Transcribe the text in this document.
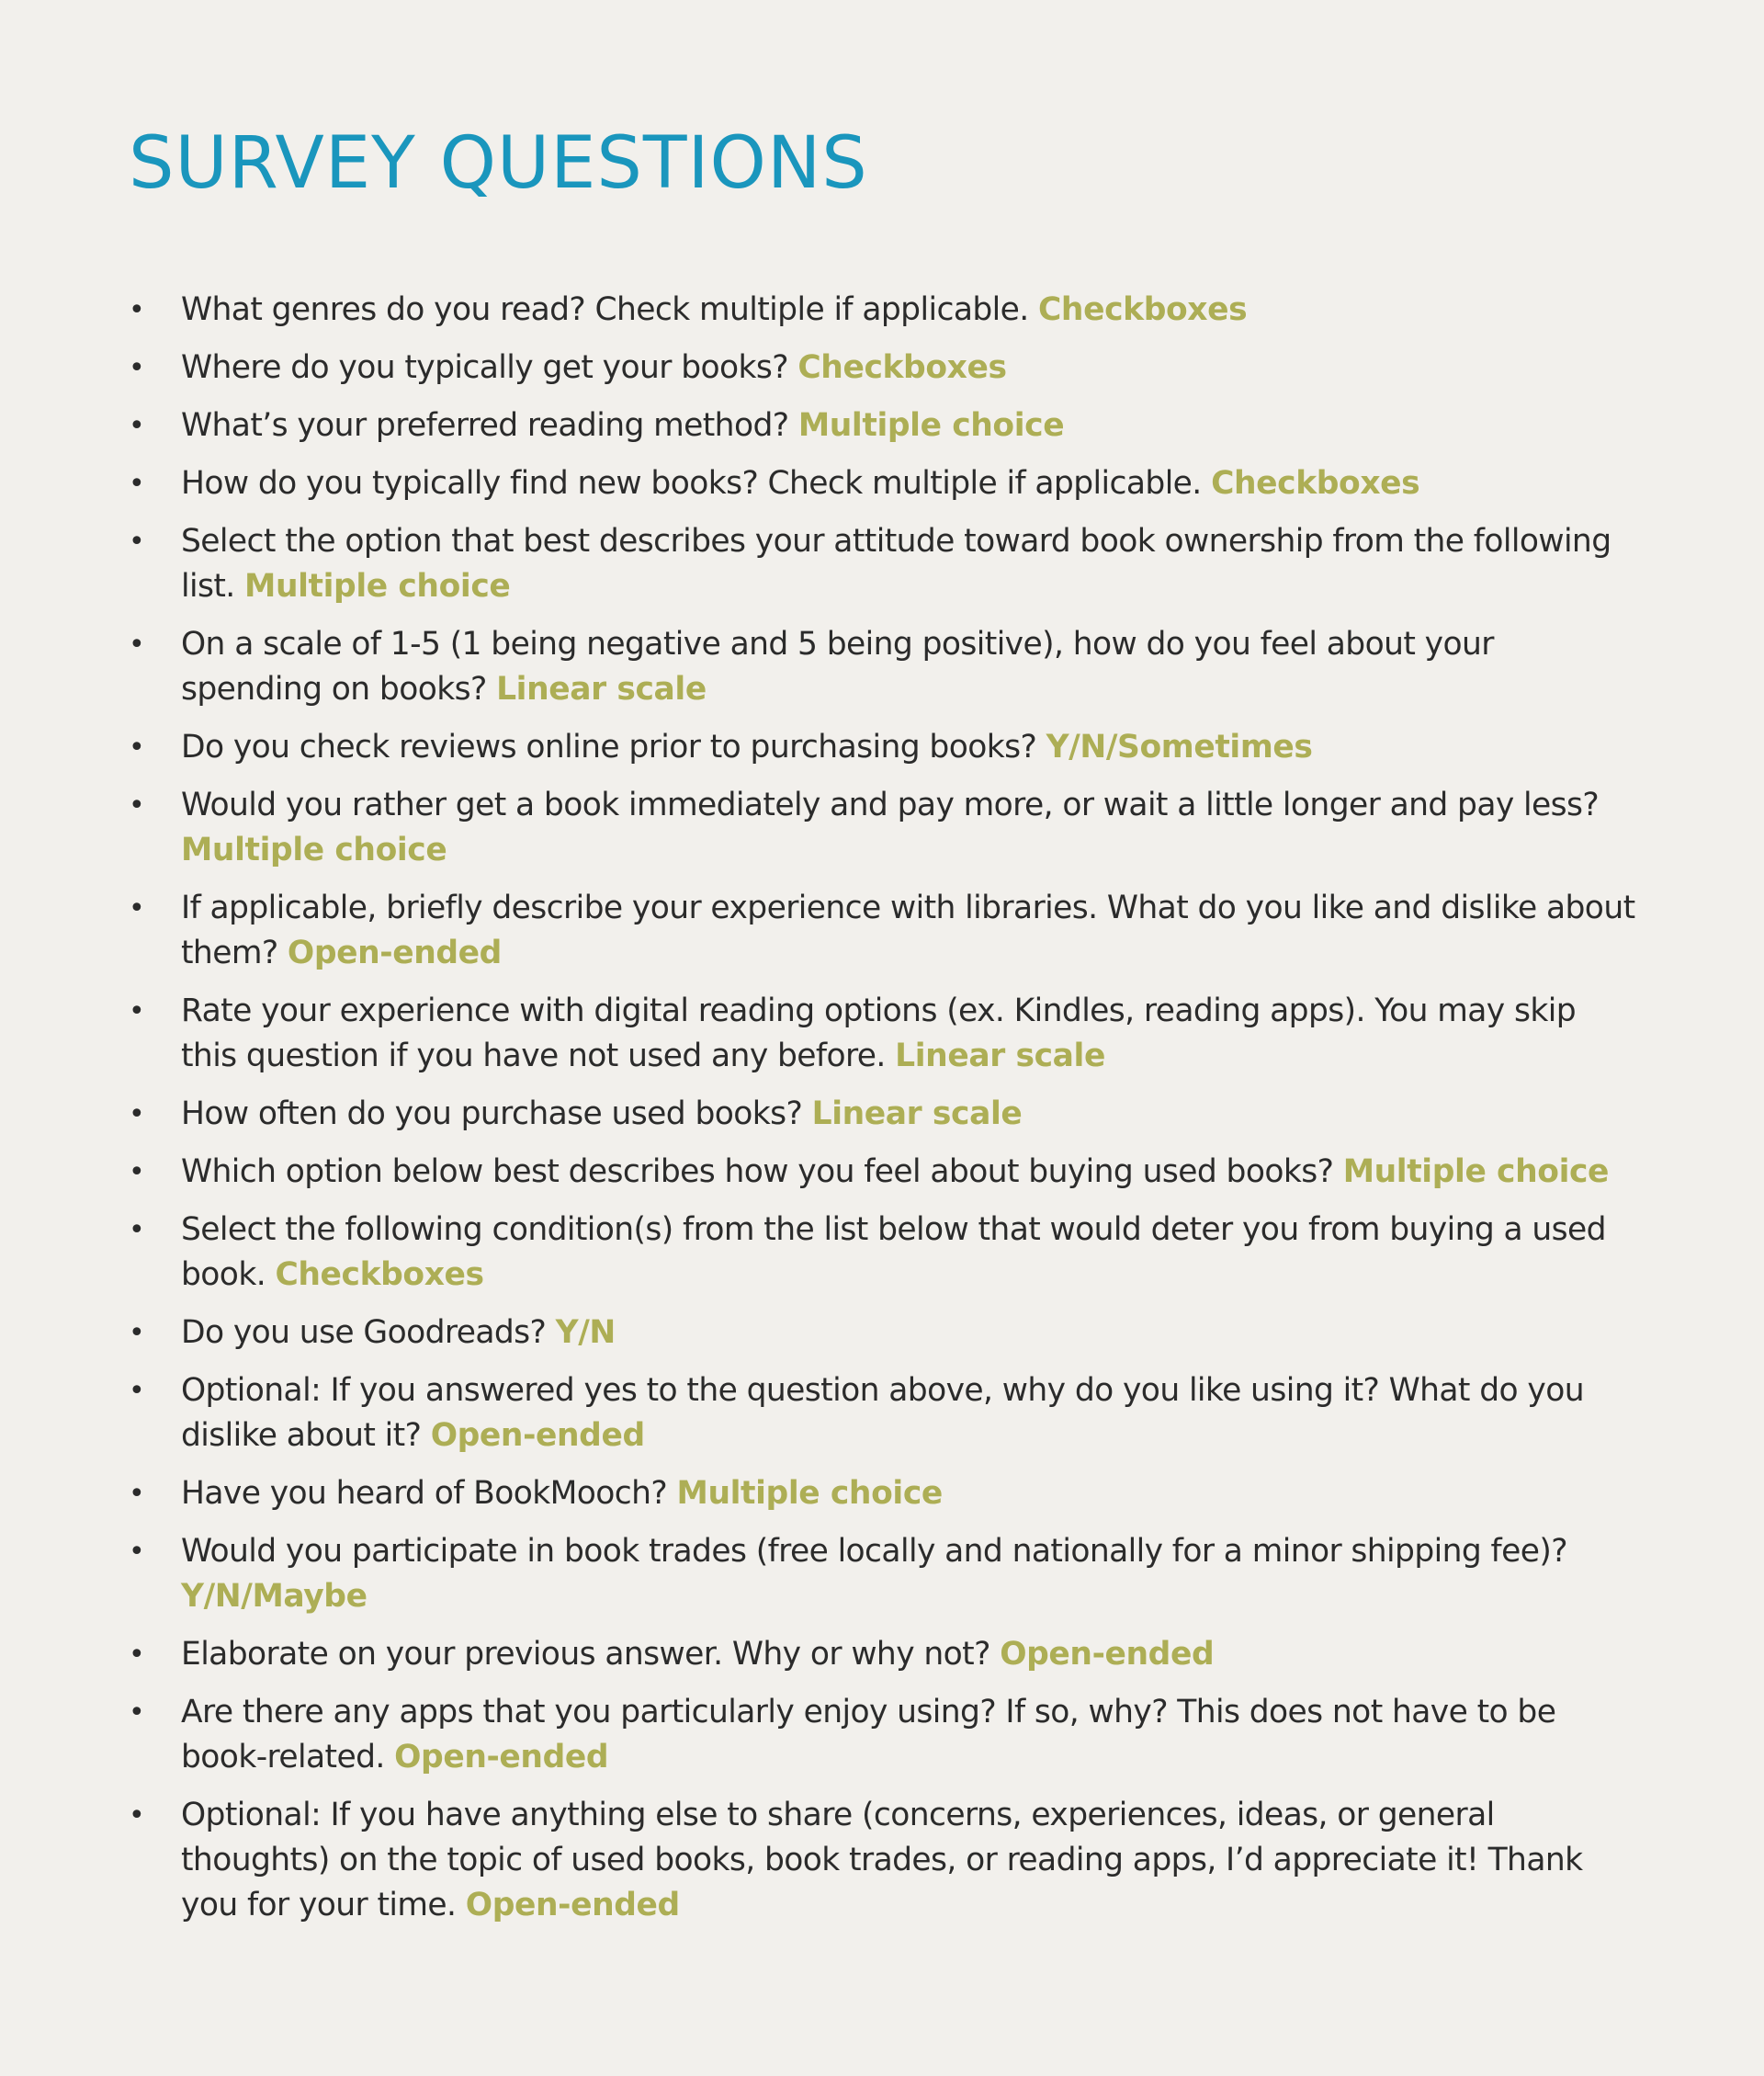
SURVEY QUESTIONS
• What genres do you read? Check multiple if applicable. Checkboxes
• Where do you typically get your books? Checkboxes
• What’s your preferred reading method? Multiple choice
• How do you typically find new books? Check multiple if applicable. Checkboxes
• Select the option that best describes your attitude toward book ownership from the following list. Multiple choice
• On a scale of 1-5 (1 being negative and 5 being positive), how do you feel about your spending on books? Linear scale
• Do you check reviews online prior to purchasing books? Y/N/Sometimes
• Would you rather get a book immediately and pay more, or wait a little longer and pay less? Multiple choice
• If applicable, briefly describe your experience with libraries. What do you like and dislike about them? Open-ended
• Rate your experience with digital reading options (ex. Kindles, reading apps). You may skip this question if you have not used any before. Linear scale
• How often do you purchase used books? Linear scale
• Which option below best describes how you feel about buying used books? Multiple choice
• Select the following condition(s) from the list below that would deter you from buying a used book. Checkboxes
• Do you use Goodreads? Y/N
• Optional: If you answered yes to the question above, why do you like using it? What do you dislike about it? Open-ended
• Have you heard of BookMooch? Multiple choice
• Would you participate in book trades (free locally and nationally for a minor shipping fee)? Y/N/Maybe
• Elaborate on your previous answer. Why or why not? Open-ended
• Are there any apps that you particularly enjoy using? If so, why? This does not have to be book-related. Open-ended
• Optional: If you have anything else to share (concerns, experiences, ideas, or general thoughts) on the topic of used books, book trades, or reading apps, I’d appreciate it! Thank you for your time. Open-ended
